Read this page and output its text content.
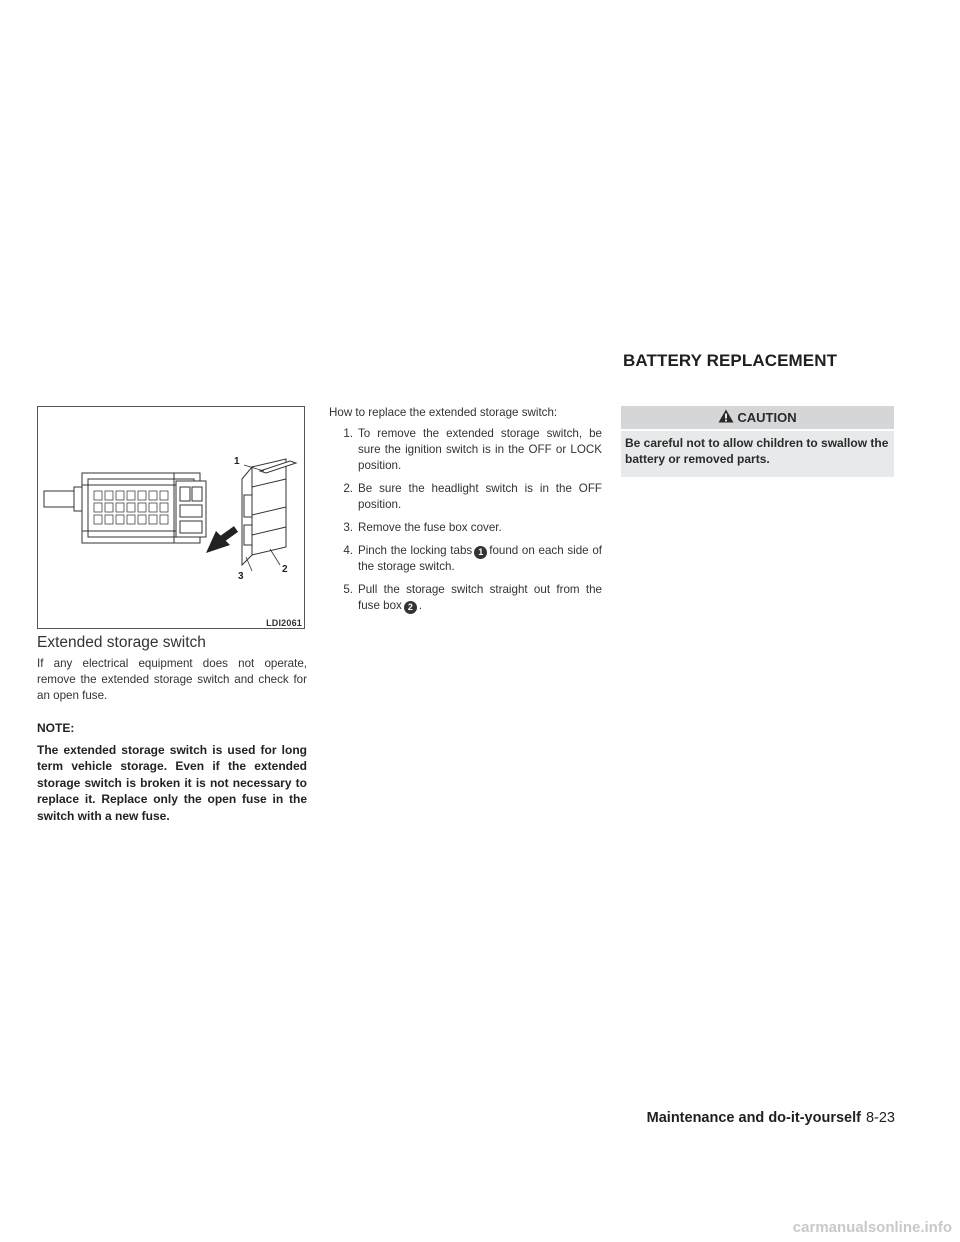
BATTERY REPLACEMENT
1
2
3
LDI2061
Extended storage switch
If any electrical equipment does not operate, remove the extended storage switch and check for an open fuse.
NOTE:
The extended storage switch is used for long term vehicle storage. Even if the extended storage switch is broken it is not necessary to replace it. Replace only the open fuse in the switch with a new fuse.
How to replace the extended storage switch:
1. To remove the extended storage switch, be sure the ignition switch is in the OFF or LOCK position.
2. Be sure the headlight switch is in the OFF position.
3. Remove the fuse box cover.
4. Pinch the locking tabs 1 found on each side of the storage switch.
5. Pull the storage switch straight out from the fuse box 2 .
CAUTION
Be careful not to allow children to swallow the battery or removed parts.
Maintenance and do-it-yourself 8-23
carmanualsonline.info
